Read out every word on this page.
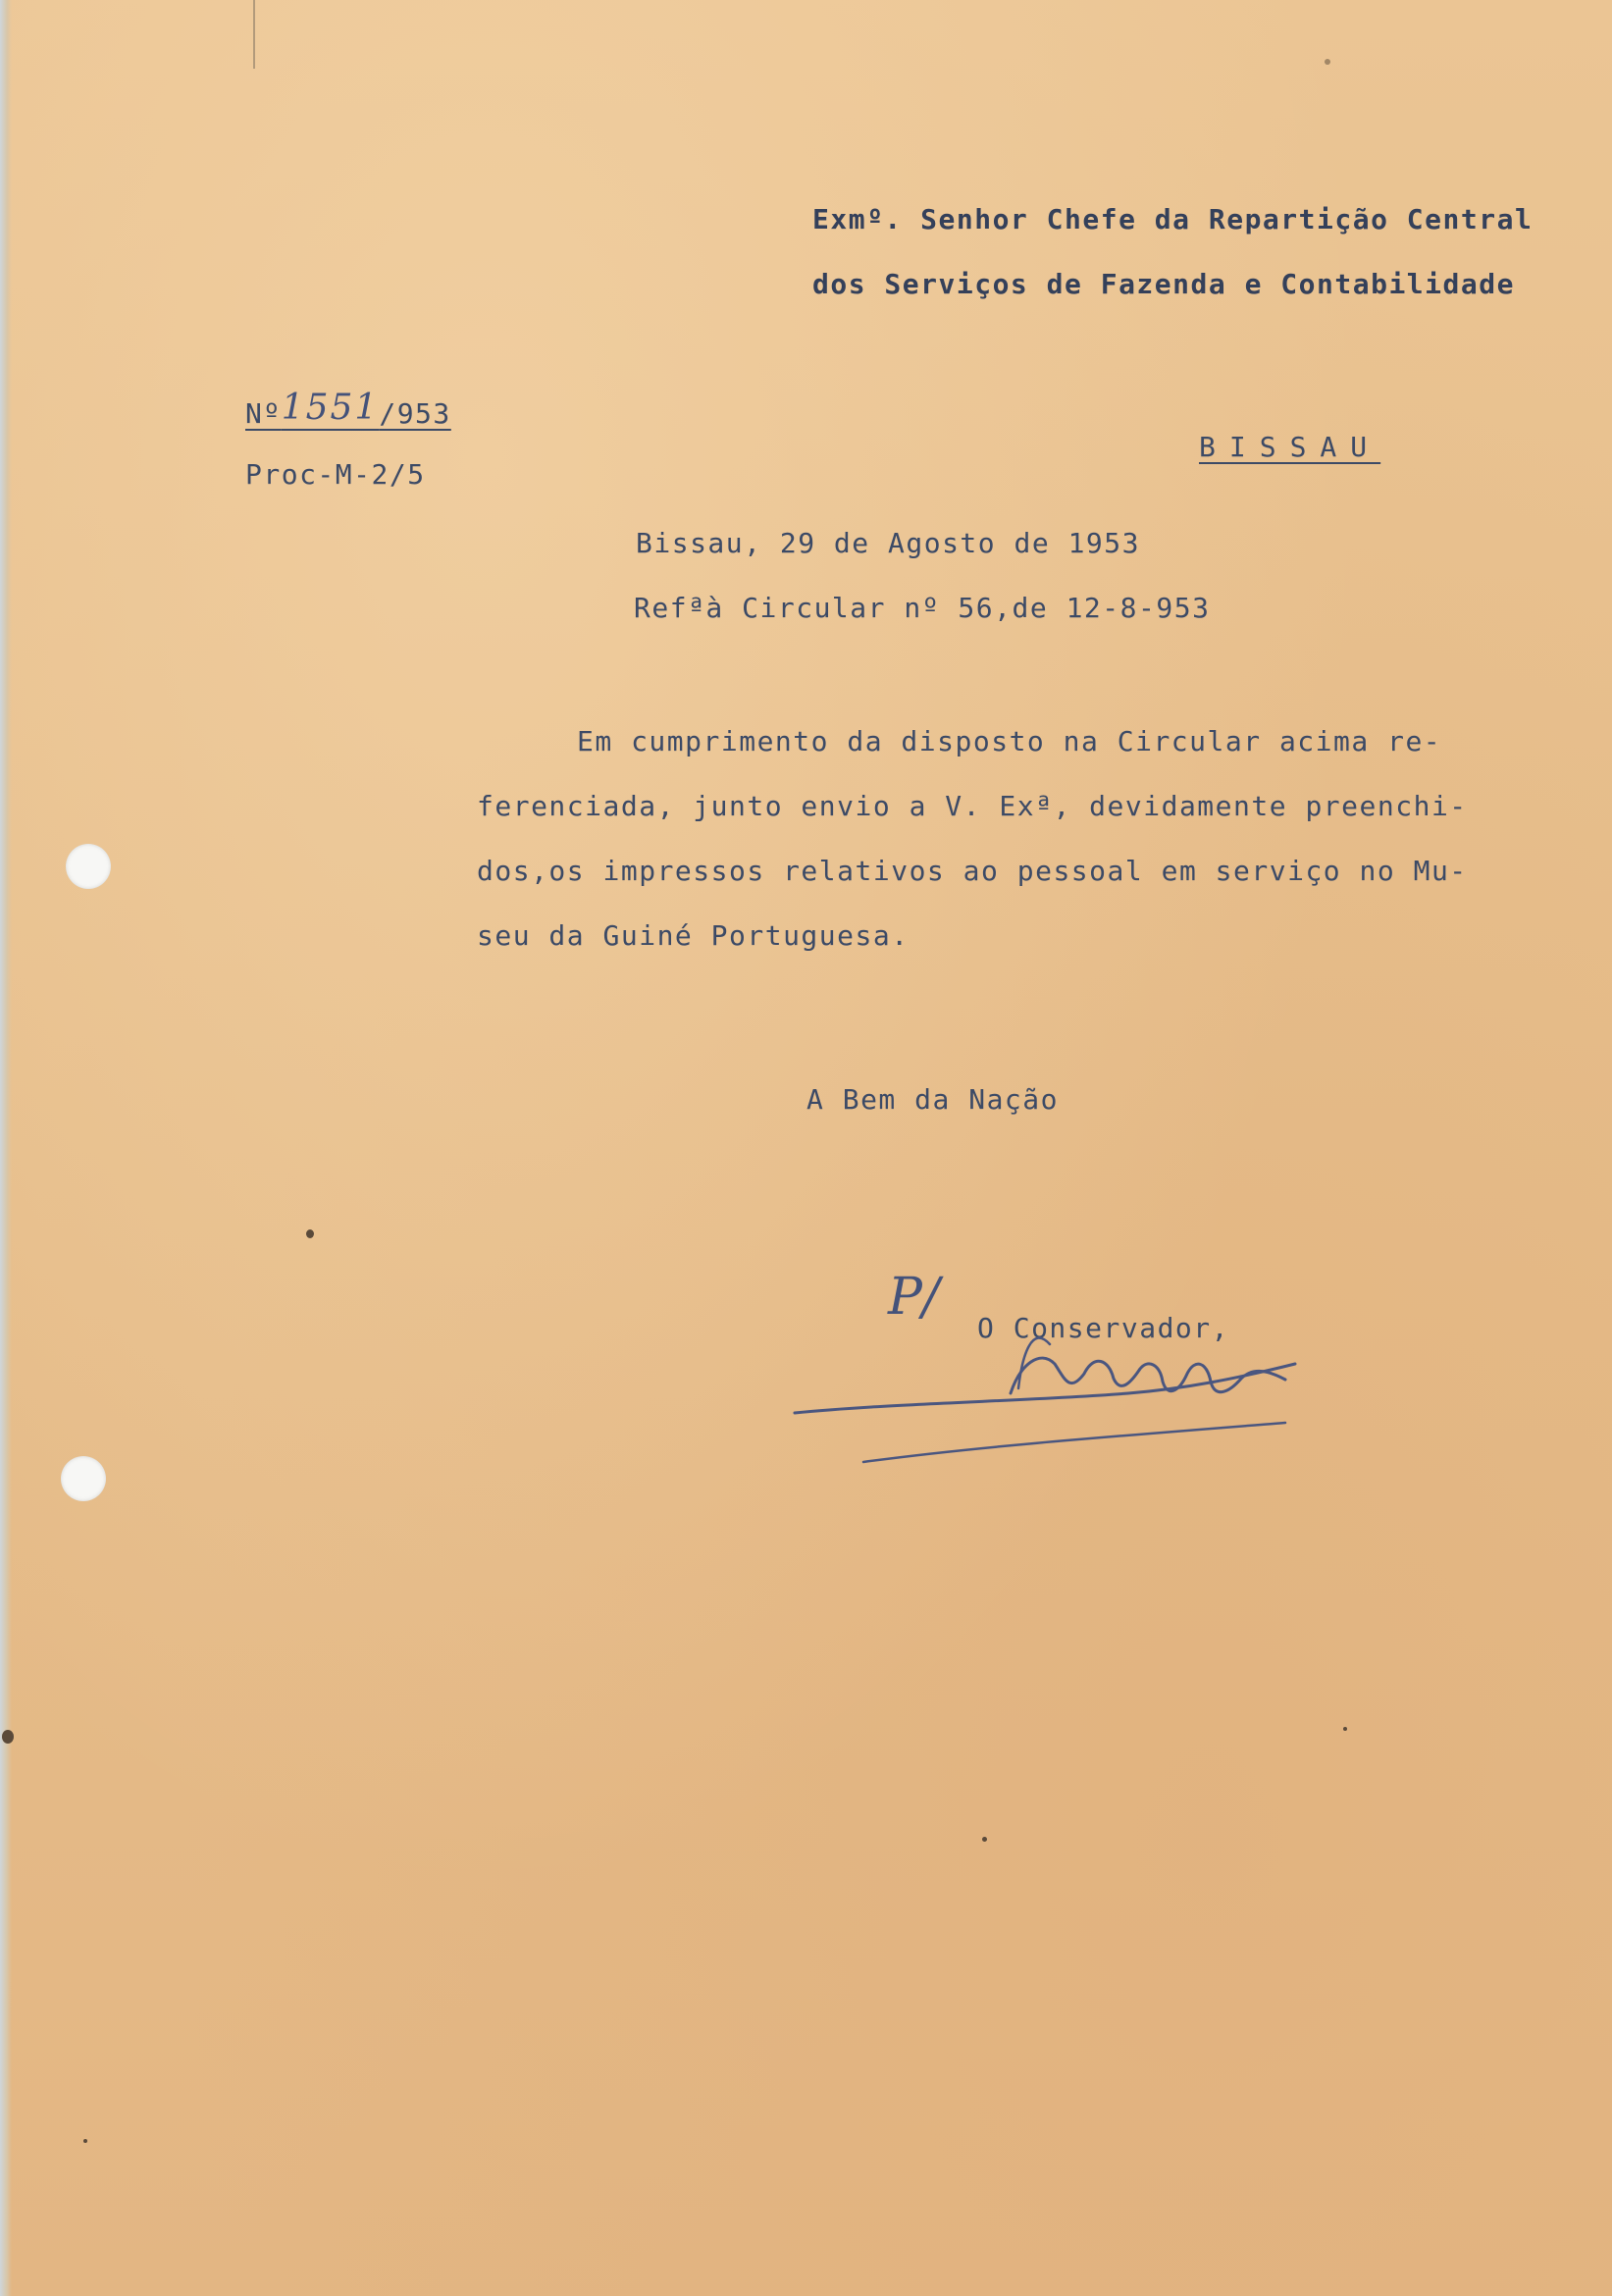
Exmº. Senhor Chefe da Repartição Central
dos Serviços de Fazenda e Contabilidade
Nº1551/953
Proc-M-2/5
BISSAU
Bissau, 29 de Agosto de 1953
Refªà Circular nº 56,de 12-8-953
Em cumprimento da disposto na Circular acima re-
ferenciada, junto envio a V. Exª, devidamente preenchi-
dos,os impressos relativos ao pessoal em serviço no Mu-
seu da Guiné Portuguesa.
A Bem da Nação
P/
O Conservador,
